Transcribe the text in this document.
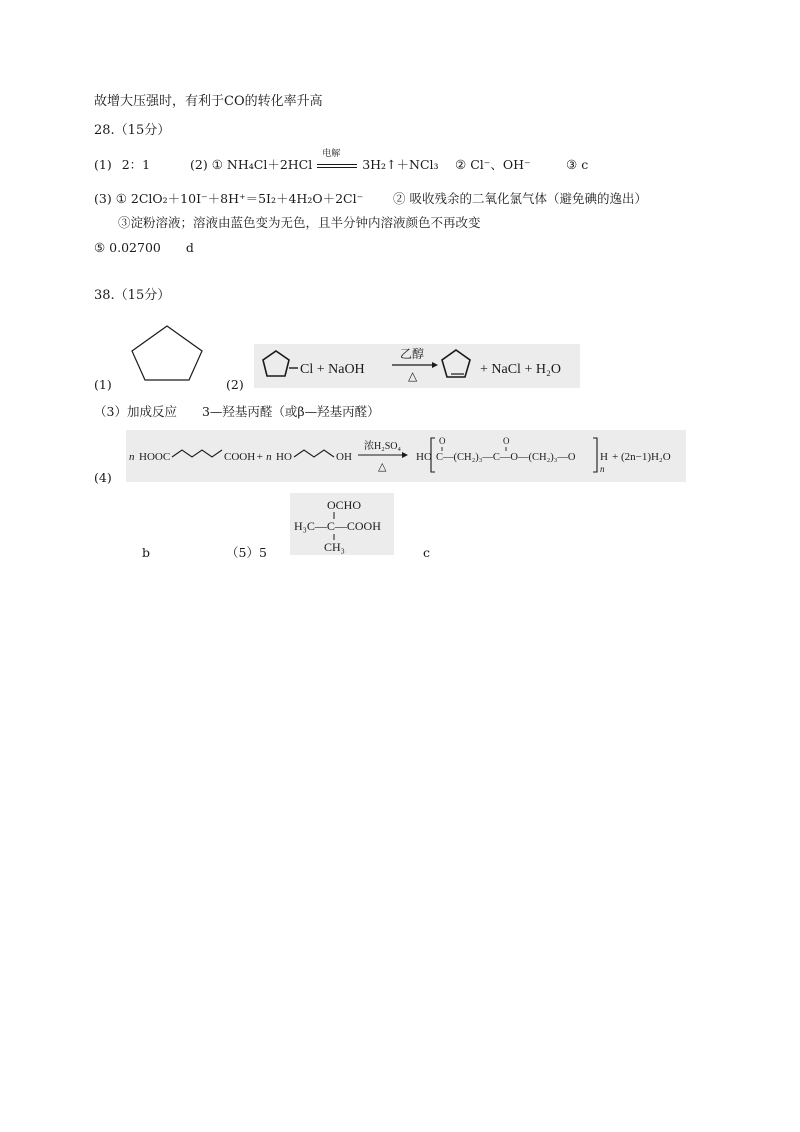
故增大压强时，有利于CO的转化率升高
28.（15分）
(1) 2：1	(2) ① NH₄Cl＋2HCl
电解
3H₂↑＋NCl₃ ② Cl⁻、OH⁻	③ c
(3) ① 2ClO₂＋10I⁻＋8H⁺＝5I₂＋4H₂O＋2Cl⁻ ② 吸收残余的二氧化氯气体（避免碘的逸出）
③淀粉溶液；溶液由蓝色变为无色，且半分钟内溶液颜色不再改变
⑤ 0.02700　　d
38.（15分）
(1)	(2)
Cl + NaOH
乙醇
△	+ NaCl + H₂O
（3）加成反应　　3—羟基丙醛（或β—羟基丙醛）
(4)
n HOOC	COOH + n HO	OH
浓H₂SO₄
△
HO
O
C—(CH₂)₃—C—O—(CH₂)₃—O
O
H
n
+ (2n−1)H₂O
OCHO
H₃C—C—COOH
CH₃
b	（5）5	c
